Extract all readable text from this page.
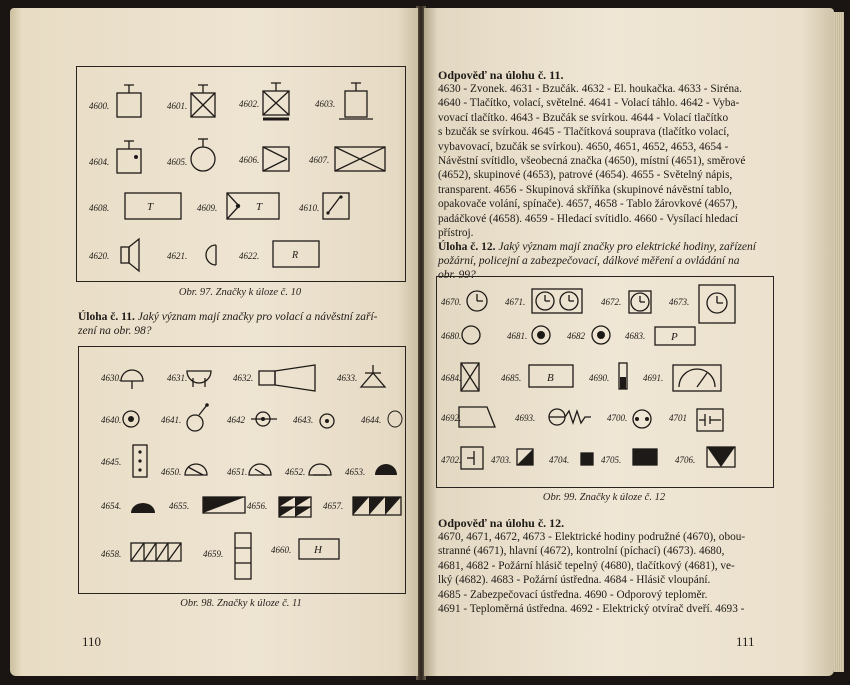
4600.	4601.	4602.	4603.
4604.	4605.	4606.	4607.
4608.	4609.	4610.
4620.	4621.	4622.
T	T
R
Obr. 97. Značky k úloze č. 10
Úloha č. 11. Jaký význam mají značky pro volací a návěstní zaří-
zení na obr. 98?
4630.	4631.	4632.	4633.
4640.	4641.	4642	4643.	4644.
4645.
4650.	4651.	4652.	4653.
4654.	4655.	4656.	4657.
4658.	4659.	4660. H
Obr. 98. Značky k úloze č. 11
110
Odpověď na úlohu č. 11.
4630 - Zvonek. 4631 - Bzučák. 4632 - El. houkačka. 4633 - Siréna.
4640 - Tlačítko, volací, světelné. 4641 - Volací táhlo. 4642 - Vyba-
vovací tlačítko. 4643 - Bzučák se svírkou. 4644 - Volací tlačítko
s bzučák se svírkou. 4645 - Tlačítková souprava (tlačítko volací,
vybavovací, bzučák se svírkou). 4650, 4651, 4652, 4653, 4654 -
Návěstní svítidlo, všeobecná značka (4650), místní (4651), směrové
(4652), skupinové (4653), patrové (4654). 4655 - Světelný nápis,
transparent. 4656 - Skupinová skříňka (skupinové návěstní tablo,
opakovače volání, spínače). 4657, 4658 - Tablo žárovkové (4657),
padáčkové (4658). 4659 - Hledací svítidlo. 4660 - Vysílací hledací
přístroj.
Úloha č. 12. Jaký význam mají značky pro elektrické hodiny, zařízení
požární, policejní a zabezpečovací, dálkové měření a ovládání na
obr. 99?
4670.	4671.	4672.	4673.
4680.	4681.	4682	4683.
4684.	4685.	4690.	4691.
4692.	4693.	4700.	4701
4702.	4703.	4704.	4705.	4706.
P
B
Obr. 99. Značky k úloze č. 12
Odpověď na úlohu č. 12.
4670, 4671, 4672, 4673 - Elektrické hodiny podružné (4670), obou-
stranné (4671), hlavní (4672), kontrolní (píchací) (4673). 4680,
4681, 4682 - Požární hlásič tepelný (4680), tlačítkový (4681), ve-
lký (4682). 4683 - Požární ústředna. 4684 - Hlásič vloupání.
4685 - Zabezpečovací ústředna. 4690 - Odporový teploměr.
4691 - Teploměrná ústředna. 4692 - Elektrický otvírač dveří. 4693 -
111
